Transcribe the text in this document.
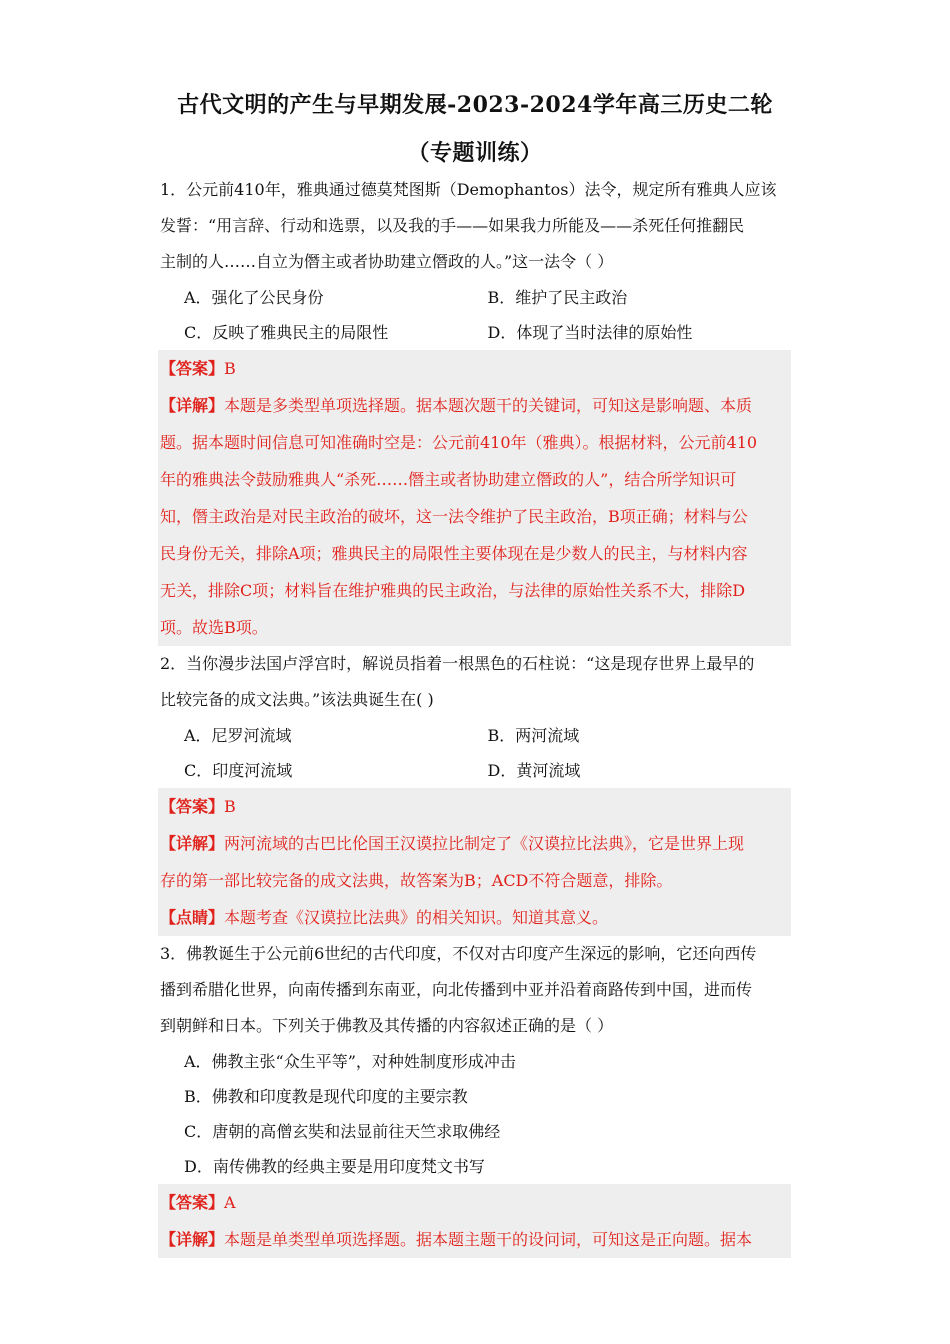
古代文明的产生与早期发展-2023-2024学年高三历史二轮
（专题训练）
1．公元前410年，雅典通过德莫梵图斯（Demophantos）法令，规定所有雅典人应该
发誓：“用言辞、行动和选票，以及我的手——如果我力所能及——杀死任何推翻民
主制的人……自立为僭主或者协助建立僭政的人。”这一法令（ ）
A．强化了公民身份	B．维护了民主政治
C．反映了雅典民主的局限性	D．体现了当时法律的原始性
【答案】B
【详解】本题是多类型单项选择题。据本题次题干的关键词，可知这是影响题、本质
题。据本题时间信息可知准确时空是：公元前410年（雅典）。根据材料，公元前410
年的雅典法令鼓励雅典人“杀死……僭主或者协助建立僭政的人”，结合所学知识可
知，僭主政治是对民主政治的破坏，这一法令维护了民主政治，B项正确；材料与公
民身份无关，排除A项；雅典民主的局限性主要体现在是少数人的民主，与材料内容
无关，排除C项；材料旨在维护雅典的民主政治，与法律的原始性关系不大，排除D
项。故选B项。
2．当你漫步法国卢浮宫时，解说员指着一根黑色的石柱说：“这是现存世界上最早的
比较完备的成文法典。”该法典诞生在( )
A．尼罗河流域	B．两河流域
C．印度河流域	D．黄河流域
【答案】B
【详解】两河流域的古巴比伦国王汉谟拉比制定了《汉谟拉比法典》，它是世界上现
存的第一部比较完备的成文法典，故答案为B；ACD不符合题意，排除。
【点睛】本题考查《汉谟拉比法典》的相关知识。知道其意义。
3．佛教诞生于公元前6世纪的古代印度，不仅对古印度产生深远的影响，它还向西传
播到希腊化世界，向南传播到东南亚，向北传播到中亚并沿着商路传到中国，进而传
到朝鲜和日本。下列关于佛教及其传播的内容叙述正确的是（ ）
A．佛教主张“众生平等”，对种姓制度形成冲击
B．佛教和印度教是现代印度的主要宗教
C．唐朝的高僧玄奘和法显前往天竺求取佛经
D．南传佛教的经典主要是用印度梵文书写
【答案】A
【详解】本题是单类型单项选择题。据本题主题干的设问词，可知这是正向题。据本
